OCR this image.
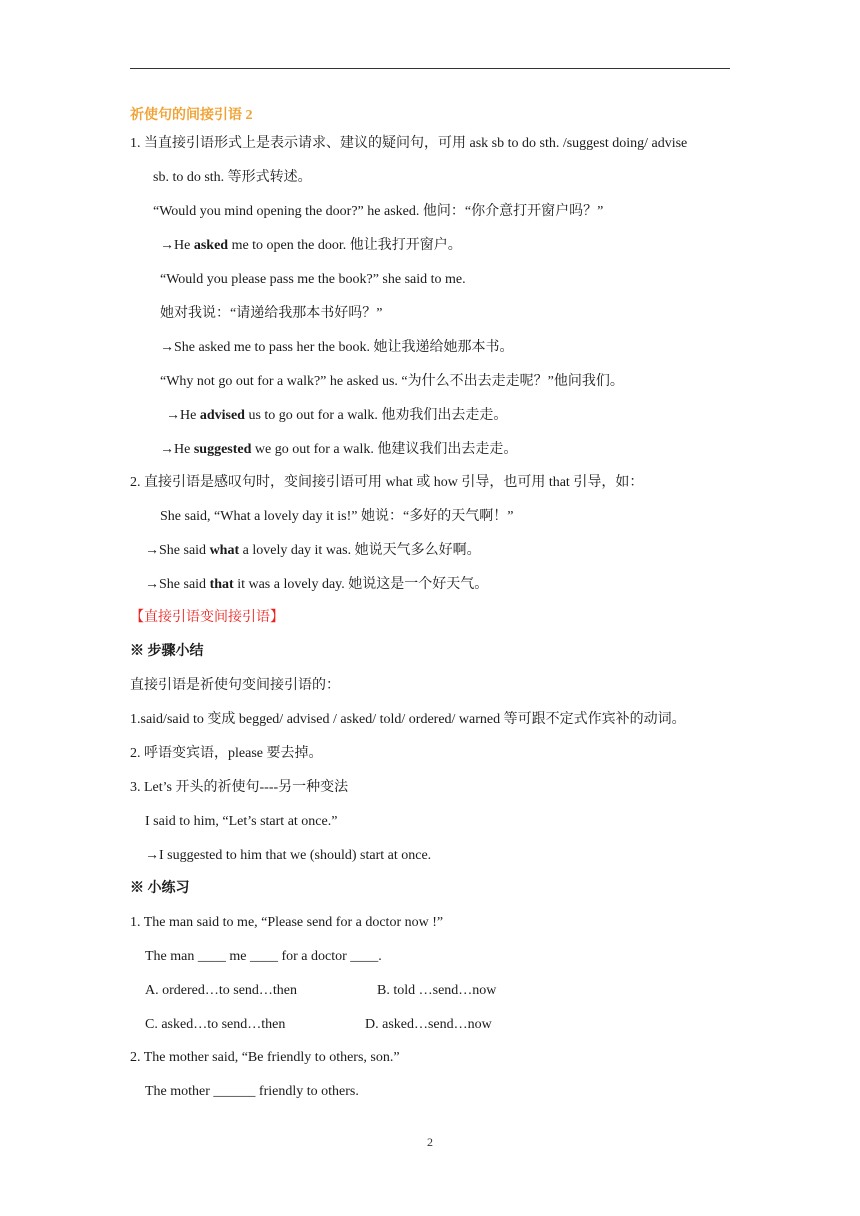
祈使句的间接引语 2
1. 当直接引语形式上是表示请求、建议的疑问句，可用 ask sb to do sth. /suggest doing/ advise
sb. to do sth. 等形式转述。
“Would you mind opening the door?” he asked. 他问：“你介意打开窗户吗？”
→He asked me to open the door. 他让我打开窗户。
“Would you please pass me the book?” she said to me.
她对我说：“请递给我那本书好吗？”
→She asked me to pass her the book. 她让我递给她那本书。
“Why not go out for a walk?” he asked us. “为什么不出去走走呢？”他问我们。
→He advised us to go out for a walk. 他劝我们出去走走。
→He suggested we go out for a walk. 他建议我们出去走走。
2. 直接引语是感叹句时，变间接引语可用 what 或 how 引导，也可用 that 引导，如：
She said, “What a lovely day it is!” 她说：“多好的天气啊！”
→She said what a lovely day it was. 她说天气多么好啊。
→She said that it was a lovely day. 她说这是一个好天气。
【直接引语变间接引语】
※ 步骤小结
直接引语是祈使句变间接引语的：
1.said/said to 变成 begged/ advised / asked/ told/ ordered/ warned 等可跟不定式作宾补的动词。
2. 呼语变宾语，please 要去掉。
3. Let’s 开头的祈使句----另一种变法
I said to him, “Let’s start at once.”
→I suggested to him that we (should) start at once.
※ 小练习
1. The man said to me, “Please send for a doctor now !”
The man ____ me ____ for a doctor ____.
A. ordered…to send…then	B. told …send…now
C. asked…to send…then	D. asked…send…now
2. The mother said, “Be friendly to others, son.”
The mother ______ friendly to others.
2
